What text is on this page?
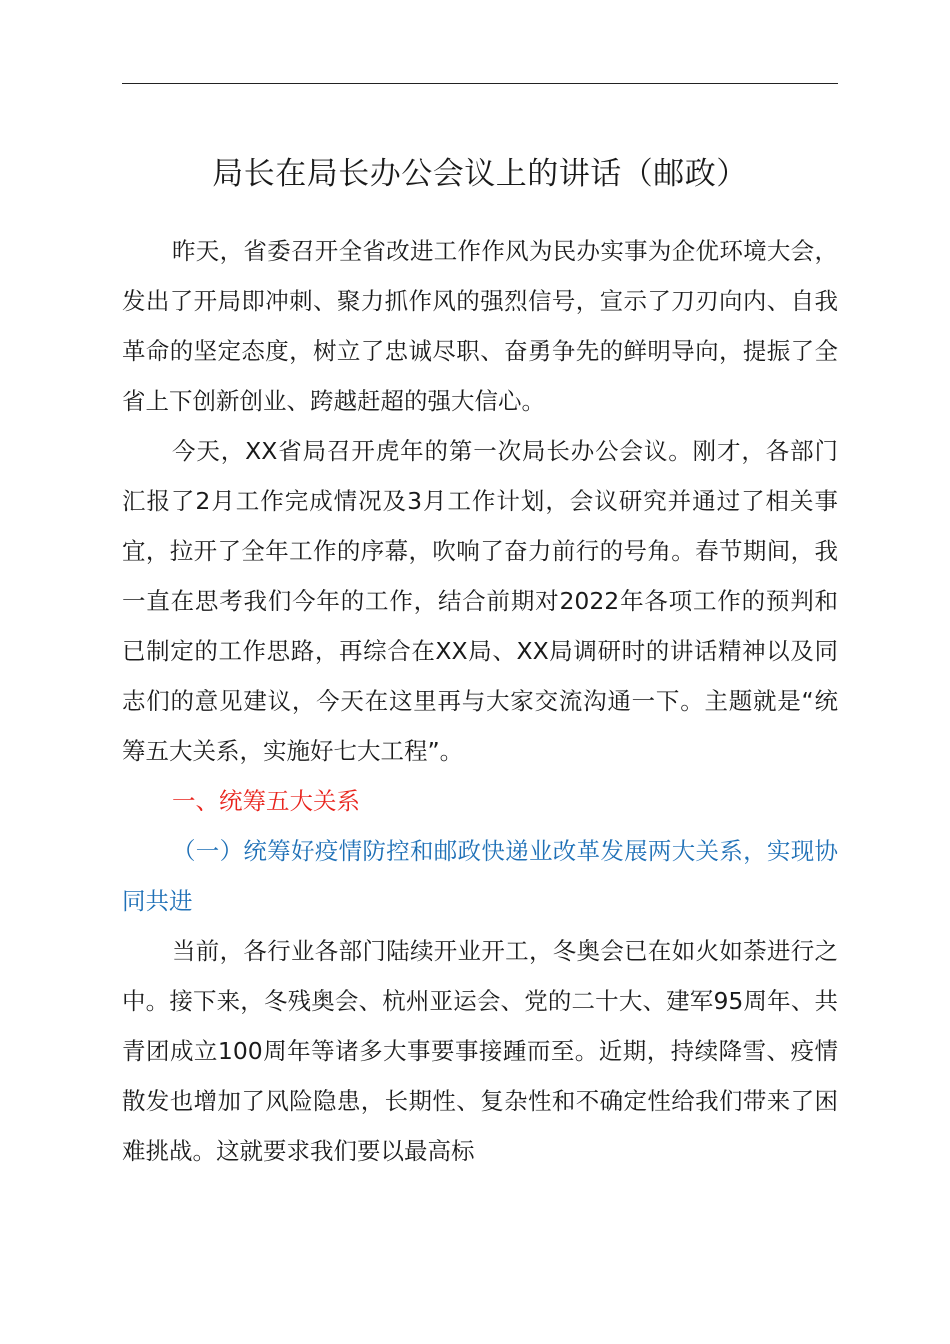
局长在局长办公会议上的讲话（邮政）

昨天，省委召开全省改进工作作风为民办实事为企优环境大会，发出了开局即冲刺、聚力抓作风的强烈信号，宣示了刀刃向内、自我革命的坚定态度，树立了忠诚尽职、奋勇争先的鲜明导向，提振了全省上下创新创业、跨越赶超的强大信心。

今天，XX省局召开虎年的第一次局长办公会议。刚才，各部门汇报了2月工作完成情况及3月工作计划，会议研究并通过了相关事宜，拉开了全年工作的序幕，吹响了奋力前行的号角。春节期间，我一直在思考我们今年的工作，结合前期对2022年各项工作的预判和已制定的工作思路，再综合在XX局、XX局调研时的讲话精神以及同志们的意见建议，今天在这里再与大家交流沟通一下。主题就是“统筹五大关系，实施好七大工程”。

一、统筹五大关系

（一）统筹好疫情防控和邮政快递业改革发展两大关系，实现协同共进

当前，各行业各部门陆续开业开工，冬奥会已在如火如荼进行之中。接下来，冬残奥会、杭州亚运会、党的二十大、建军95周年、共青团成立100周年等诸多大事要事接踵而至。近期，持续降雪、疫情散发也增加了风险隐患，长期性、复杂性和不确定性给我们带来了困难挑战。这就要求我们要以最高标
